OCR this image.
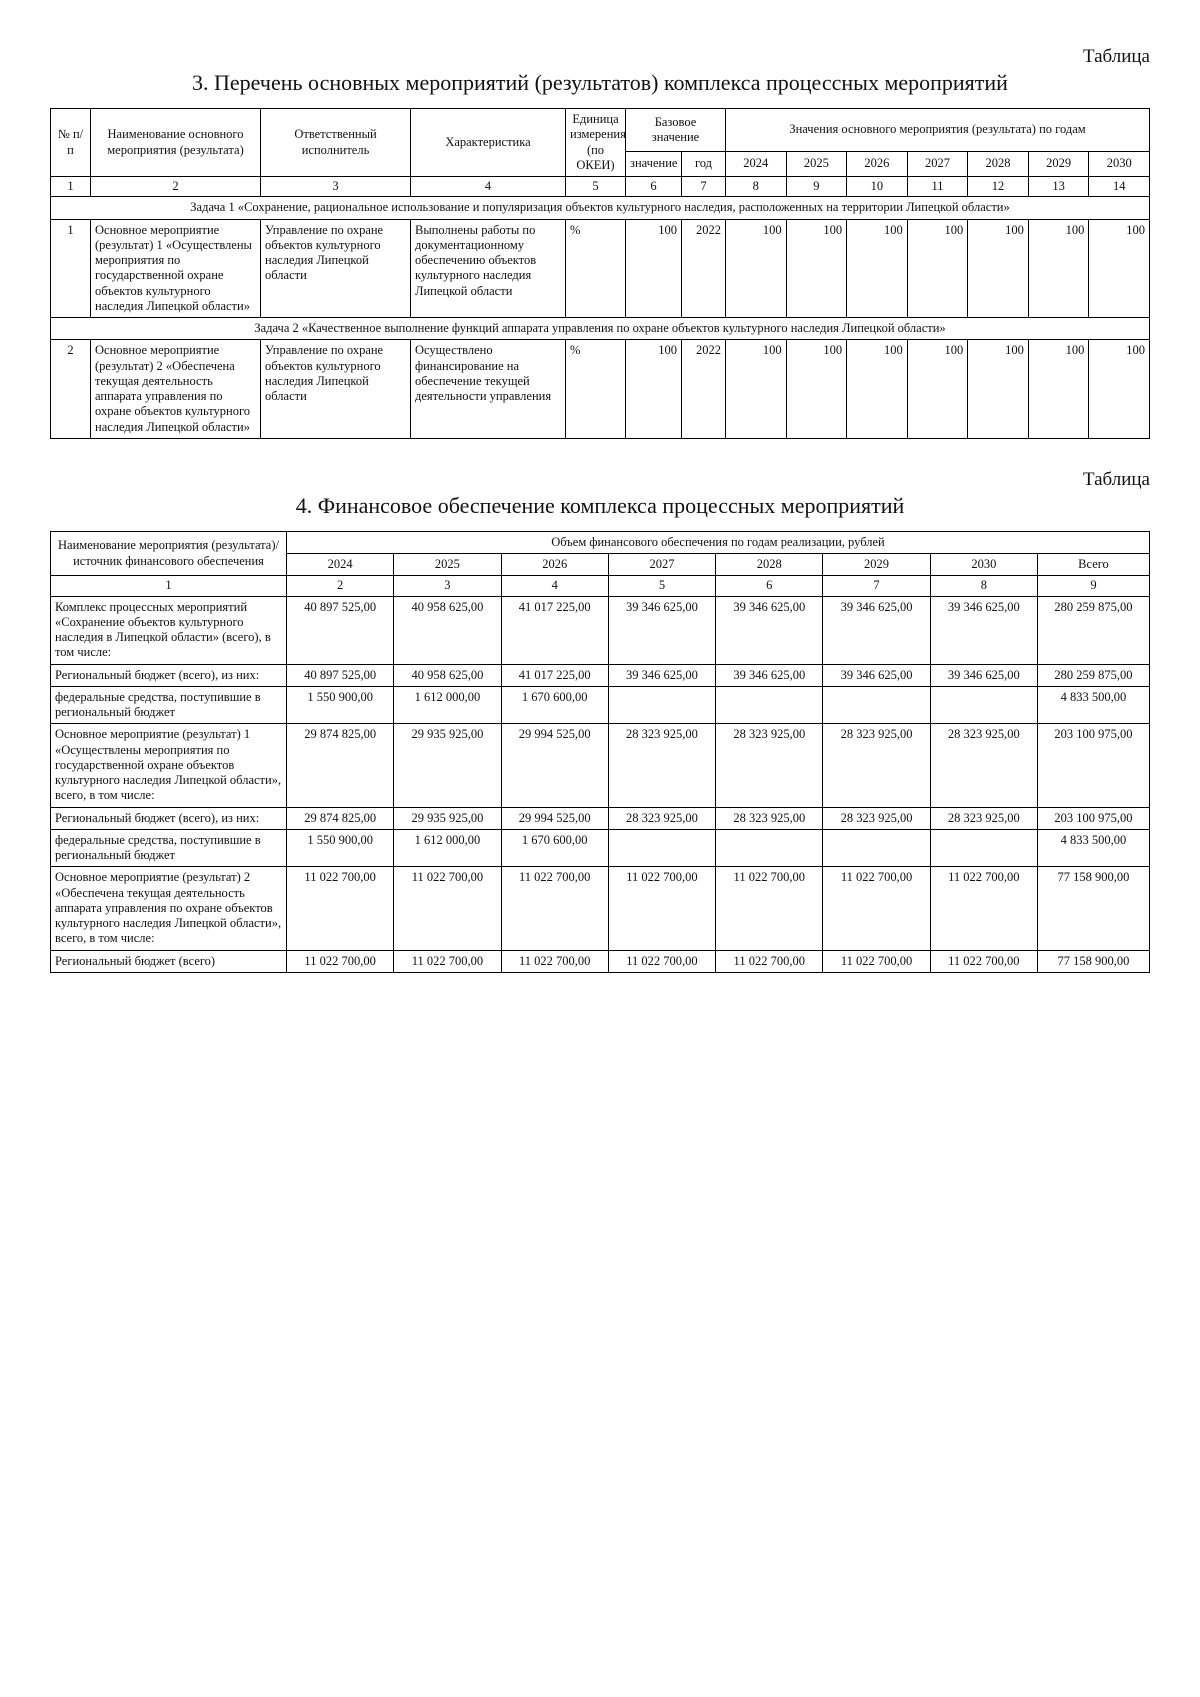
Таблица
3. Перечень основных мероприятий (результатов) комплекса процессных мероприятий
№ п/п	Наименование основного мероприятия (результата)	Ответственный исполнитель	Характеристика	Единица измерения (по ОКЕИ)	Базовое значение		Значения основного мероприятия (результата) по годам						
					значение	год	2024	2025	2026	2027	2028	2029	2030
1	2	3	4	5	6	7	8	9	10	11	12	13	14
Задача 1 «Сохранение, рациональное использование и популяризация объектов культурного наследия, расположенных на территории Липецкой области»													
1	Основное мероприятие (результат) 1 «Осуществлены мероприятия по государственной охране объектов культурного наследия Липецкой области»	Управление по охране объектов культурного наследия Липецкой области	Выполнены работы по документационному обеспечению объектов культурного наследия Липецкой области	%	100	2022	100	100	100	100	100	100	100
Задача 2 «Качественное выполнение функций аппарата управления по охране объектов культурного наследия Липецкой области»													
2	Основное мероприятие (результат) 2 «Обеспечена текущая деятельность аппарата управления по охране объектов культурного наследия Липецкой области»	Управление по охране объектов культурного наследия Липецкой области	Осуществлено финансирование на обеспечение текущей деятельности управления	%	100	2022	100	100	100	100	100	100	100
Таблица
4. Финансовое обеспечение комплекса процессных мероприятий
Наименование мероприятия (результата)/источник финансового обеспечения	Объем финансового обеспечения по годам реализации, рублей							
	2024	2025	2026	2027	2028	2029	2030	Всего
1	2	3	4	5	6	7	8	9
Комплекс процессных мероприятий «Сохранение объектов культурного наследия в Липецкой области» (всего), в том числе:	40 897 525,00	40 958 625,00	41 017 225,00	39 346 625,00	39 346 625,00	39 346 625,00	39 346 625,00	280 259 875,00
Региональный бюджет (всего), из них:	40 897 525,00	40 958 625,00	41 017 225,00	39 346 625,00	39 346 625,00	39 346 625,00	39 346 625,00	280 259 875,00
федеральные средства, поступившие в региональный бюджет	1 550 900,00	1 612 000,00	1 670 600,00					4 833 500,00
Основное мероприятие (результат) 1 «Осуществлены мероприятия по государственной охране объектов культурного наследия Липецкой области», всего, в том числе:	29 874 825,00	29 935 925,00	29 994 525,00	28 323 925,00	28 323 925,00	28 323 925,00	28 323 925,00	203 100 975,00
Региональный бюджет (всего), из них:	29 874 825,00	29 935 925,00	29 994 525,00	28 323 925,00	28 323 925,00	28 323 925,00	28 323 925,00	203 100 975,00
федеральные средства, поступившие в региональный бюджет	1 550 900,00	1 612 000,00	1 670 600,00					4 833 500,00
Основное мероприятие (результат) 2 «Обеспечена текущая деятельность аппарата управления по охране объектов культурного наследия Липецкой области», всего, в том числе:	11 022 700,00	11 022 700,00	11 022 700,00	11 022 700,00	11 022 700,00	11 022 700,00	11 022 700,00	77 158 900,00
Региональный бюджет (всего)	11 022 700,00	11 022 700,00	11 022 700,00	11 022 700,00	11 022 700,00	11 022 700,00	11 022 700,00	77 158 900,00
